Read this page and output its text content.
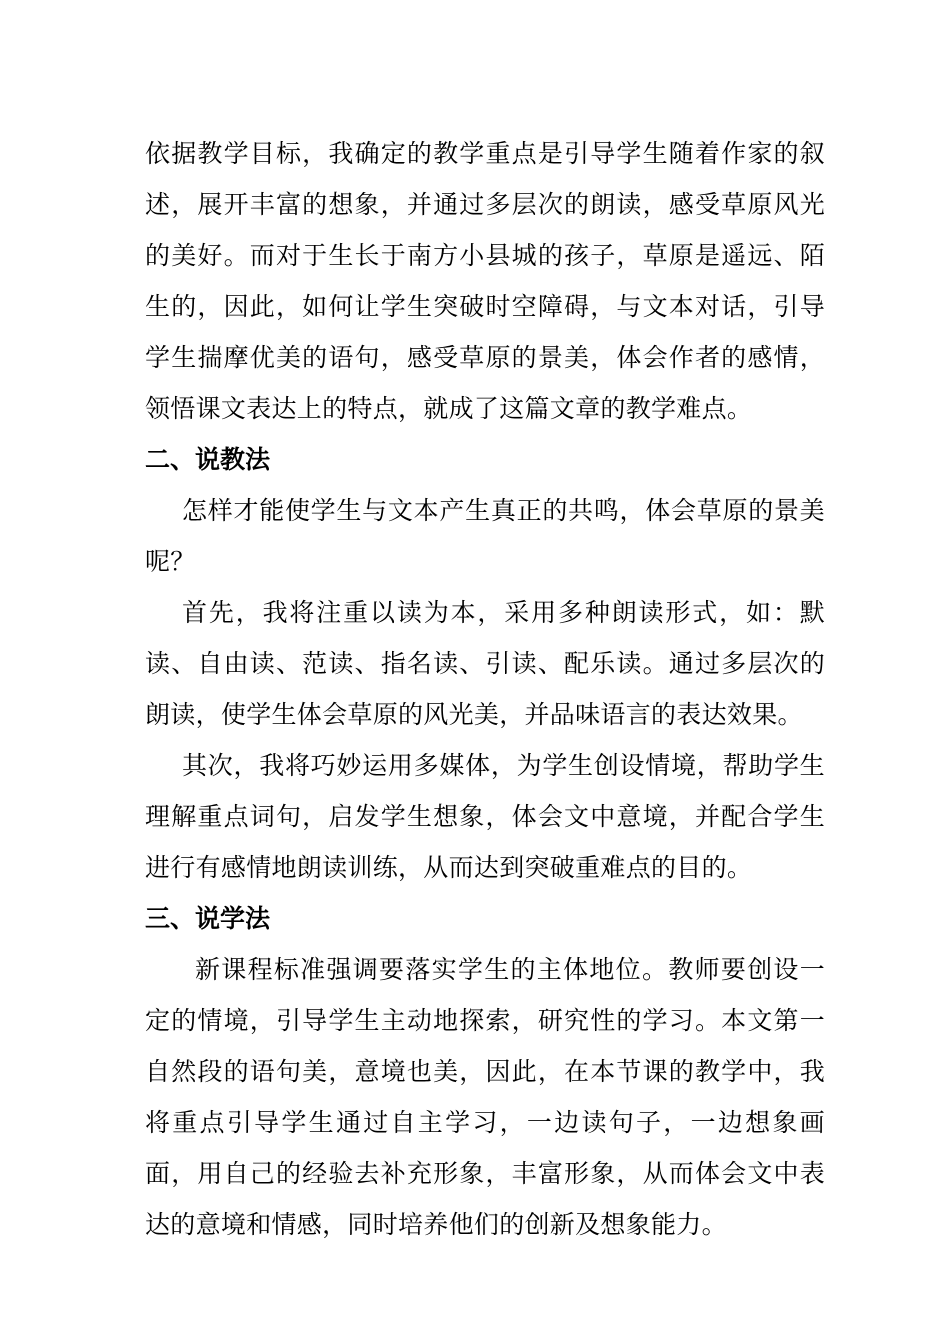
依据教学目标，我确定的教学重点是引导学生随着作家的叙述，展开丰富的想象，并通过多层次的朗读，感受草原风光的美好。而对于生长于南方小县城的孩子，草原是遥远、陌生的，因此，如何让学生突破时空障碍，与文本对话，引导学生揣摩优美的语句，感受草原的景美，体会作者的感情，领悟课文表达上的特点，就成了这篇文章的教学难点。

二、说教法

怎样才能使学生与文本产生真正的共鸣，体会草原的景美呢？

首先，我将注重以读为本，采用多种朗读形式，如：默读、自由读、范读、指名读、引读、配乐读。通过多层次的朗读，使学生体会草原的风光美，并品味语言的表达效果。

其次，我将巧妙运用多媒体，为学生创设情境，帮助学生理解重点词句，启发学生想象，体会文中意境，并配合学生进行有感情地朗读训练，从而达到突破重难点的目的。

三、说学法

新课程标准强调要落实学生的主体地位。教师要创设一定的情境，引导学生主动地探索，研究性的学习。本文第一自然段的语句美，意境也美，因此，在本节课的教学中，我将重点引导学生通过自主学习，一边读句子，一边想象画面，用自己的经验去补充形象，丰富形象，从而体会文中表达的意境和情感，同时培养他们的创新及想象能力。
